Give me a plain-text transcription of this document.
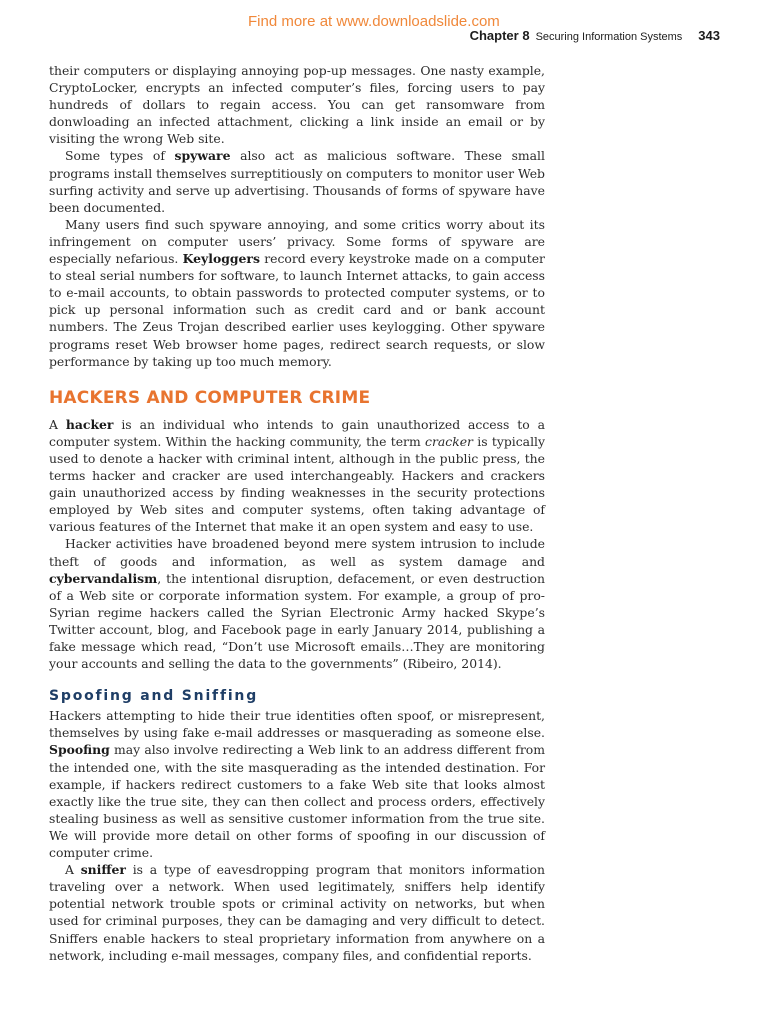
Find more at www.downloadslide.com
Chapter 8 Securing Information Systems 343

their computers or displaying annoying pop-up messages. One nasty example, CryptoLocker, encrypts an infected computer’s files, forcing users to pay hundreds of dollars to regain access. You can get ransomware from donwloading an infected attachment, clicking a link inside an email or by visiting the wrong Web site.

Some types of spyware also act as malicious software. These small programs install themselves surreptitiously on computers to monitor user Web surfing activity and serve up advertising. Thousands of forms of spyware have been documented.

Many users find such spyware annoying, and some critics worry about its infringement on computer users’ privacy. Some forms of spyware are especially nefarious. Keyloggers record every keystroke made on a computer to steal serial numbers for software, to launch Internet attacks, to gain access to e-mail accounts, to obtain passwords to protected computer systems, or to pick up personal information such as credit card and or bank account numbers. The Zeus Trojan described earlier uses keylogging. Other spyware programs reset Web browser home pages, redirect search requests, or slow performance by taking up too much memory.

HACKERS AND COMPUTER CRIME

A hacker is an individual who intends to gain unauthorized access to a computer system. Within the hacking community, the term cracker is typically used to denote a hacker with criminal intent, although in the public press, the terms hacker and cracker are used interchangeably. Hackers and crackers gain unauthorized access by finding weaknesses in the security protections employed by Web sites and computer systems, often taking advantage of various features of the Internet that make it an open system and easy to use.

Hacker activities have broadened beyond mere system intrusion to include theft of goods and information, as well as system damage and cybervandalism, the intentional disruption, defacement, or even destruction of a Web site or corporate information system. For example, a group of pro-Syrian regime hackers called the Syrian Electronic Army hacked Skype’s Twitter account, blog, and Facebook page in early January 2014, publishing a fake message which read, “Don’t use Microsoft emails…They are monitoring your accounts and selling the data to the governments” (Ribeiro, 2014).

Spoofing and Sniffing

Hackers attempting to hide their true identities often spoof, or misrepresent, themselves by using fake e-mail addresses or masquerading as someone else. Spoofing may also involve redirecting a Web link to an address different from the intended one, with the site masquerading as the intended destination. For example, if hackers redirect customers to a fake Web site that looks almost exactly like the true site, they can then collect and process orders, effectively stealing business as well as sensitive customer information from the true site. We will provide more detail on other forms of spoofing in our discussion of computer crime.

A sniffer is a type of eavesdropping program that monitors information traveling over a network. When used legitimately, sniffers help identify potential network trouble spots or criminal activity on networks, but when used for criminal purposes, they can be damaging and very difficult to detect. Sniffers enable hackers to steal proprietary information from anywhere on a network, including e-mail messages, company files, and confidential reports.
